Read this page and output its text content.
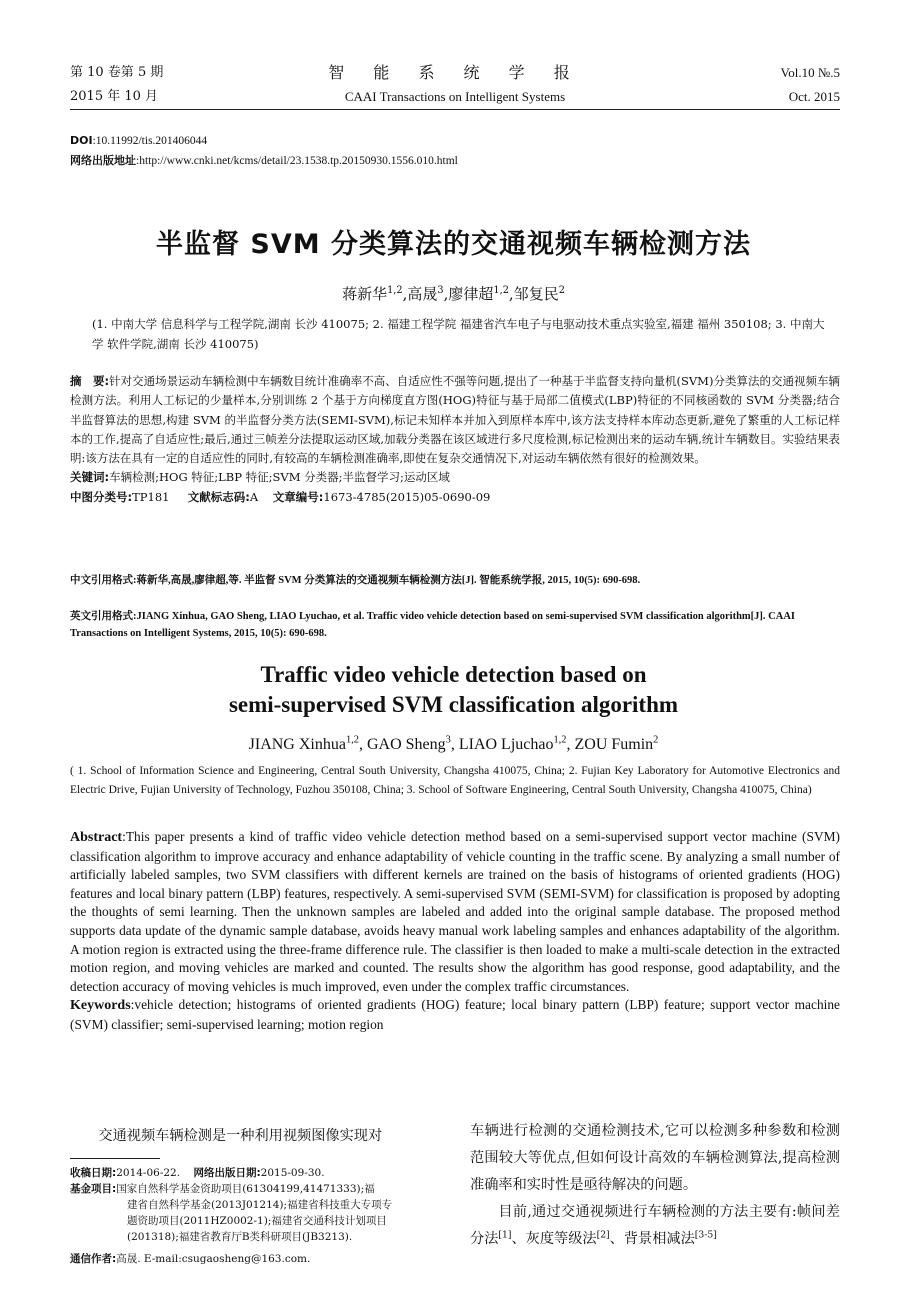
第 10 卷第 5 期
2015 年 10 月
智 能 系 统 学 报
CAAI Transactions on Intelligent Systems
Vol.10 №.5
Oct. 2015
DOI:10.11992/tis.201406044
网络出版地址:http://www.cnki.net/kcms/detail/23.1538.tp.20150930.1556.010.html
半监督 SVM 分类算法的交通视频车辆检测方法
蒋新华$^{1,2}$,高晟$^3$,廖律超$^{1,2}$,邹复民$^2$
(1. 中南大学 信息科学与工程学院,湖南 长沙 410075; 2. 福建工程学院 福建省汽车电子与电驱动技术重点实验室,福建 福州 350108; 3. 中南大学 软件学院,湖南 长沙 410075)
摘　要:针对交通场景运动车辆检测中车辆数目统计准确率不高、自适应性不强等问题,提出了一种基于半监督支持向量机(SVM)分类算法的交通视频车辆检测方法。利用人工标记的少量样本,分别训练 2 个基于方向梯度直方图(HOG)特征与基于局部二值模式(LBP)特征的不同核函数的 SVM 分类器;结合半监督算法的思想,构建 SVM 的半监督分类方法(SEMI-SVM),标记未知样本并加入到原样本库中,该方法支持样本库动态更新,避免了繁重的人工标记样本的工作,提高了自适应性;最后,通过三帧差分法提取运动区域,加载分类器在该区域进行多尺度检测,标记检测出来的运动车辆,统计车辆数目。实验结果表明:该方法在具有一定的自适应性的同时,有较高的车辆检测准确率,即使在复杂交通情况下,对运动车辆依然有很好的检测效果。
关键词:车辆检测;HOG 特征;LBP 特征;SVM 分类器;半监督学习;运动区域
中图分类号:TP181 文献标志码:A 文章编号:1673-4785(2015)05-0690-09
中文引用格式:蒋新华,高晟,廖律超,等. 半监督 SVM 分类算法的交通视频车辆检测方法[J]. 智能系统学报, 2015, 10(5): 690-698.
英文引用格式:JIANG Xinhua, GAO Sheng, LIAO Lyuchao, et al. Traffic video vehicle detection based on semi-supervised SVM classification algorithm[J]. CAAI Transactions on Intelligent Systems, 2015, 10(5): 690-698.
Traffic video vehicle detection based on
semi-supervised SVM classification algorithm
JIANG Xinhua$^{1,2}$, GAO Sheng$^3$, LIAO Ljuchao$^{1,2}$, ZOU Fumin$^2$
( 1. School of Information Science and Engineering, Central South University, Changsha 410075, China; 2. Fujian Key Laboratory for Automotive Electronics and Electric Drive, Fujian University of Technology, Fuzhou 350108, China; 3. School of Software Engineering, Central South University, Changsha 410075, China)
Abstract:This paper presents a kind of traffic video vehicle detection method based on a semi-supervised support vector machine (SVM) classification algorithm to improve accuracy and enhance adaptability of vehicle counting in the traffic scene. By analyzing a small number of artificially labeled samples, two SVM classifiers with different kernels are trained on the basis of histograms of oriented gradients (HOG) features and local binary pattern (LBP) features, respectively. A semi-supervised SVM (SEMI-SVM) for classification is proposed by adopting the thoughts of semi learning. Then the unknown samples are labeled and added into the original sample database. The proposed method supports data update of the dynamic sample database, avoids heavy manual work labeling samples and enhances adaptability of the algorithm. A motion region is extracted using the three-frame difference rule. The classifier is then loaded to make a multi-scale detection in the extracted motion region, and moving vehicles are marked and counted. The results show the algorithm has good response, good adaptability, and the detection accuracy of moving vehicles is much improved, even under the complex traffic circumstances.
Keywords:vehicle detection; histograms of oriented gradients (HOG) feature; local binary pattern (LBP) feature; support vector machine (SVM) classifier; semi-supervised learning; motion region

交通视频车辆检测是一种利用视频图像实现对

收稿日期:2014-06-22. 网络出版日期:2015-09-30.
基金项目:国家自然科学基金资助项目(61304199,41471333);福
建省自然科学基金(2013J01214);福建省科技重大专项专
题资助项目(2011HZ0002-1);福建省交通科技计划项目
(201318);福建省教育厅B类科研项目(JB3213).
通信作者:高晟. E-mail:csugaosheng@163.com.

车辆进行检测的交通检测技术,它可以检测多种参数和检测范围较大等优点,但如何设计高效的车辆检测算法,提高检测准确率和实时性是亟待解决的问题。

目前,通过交通视频进行车辆检测的方法主要有:帧间差分法[1]、灰度等级法[2]、背景相减法[3-5]
